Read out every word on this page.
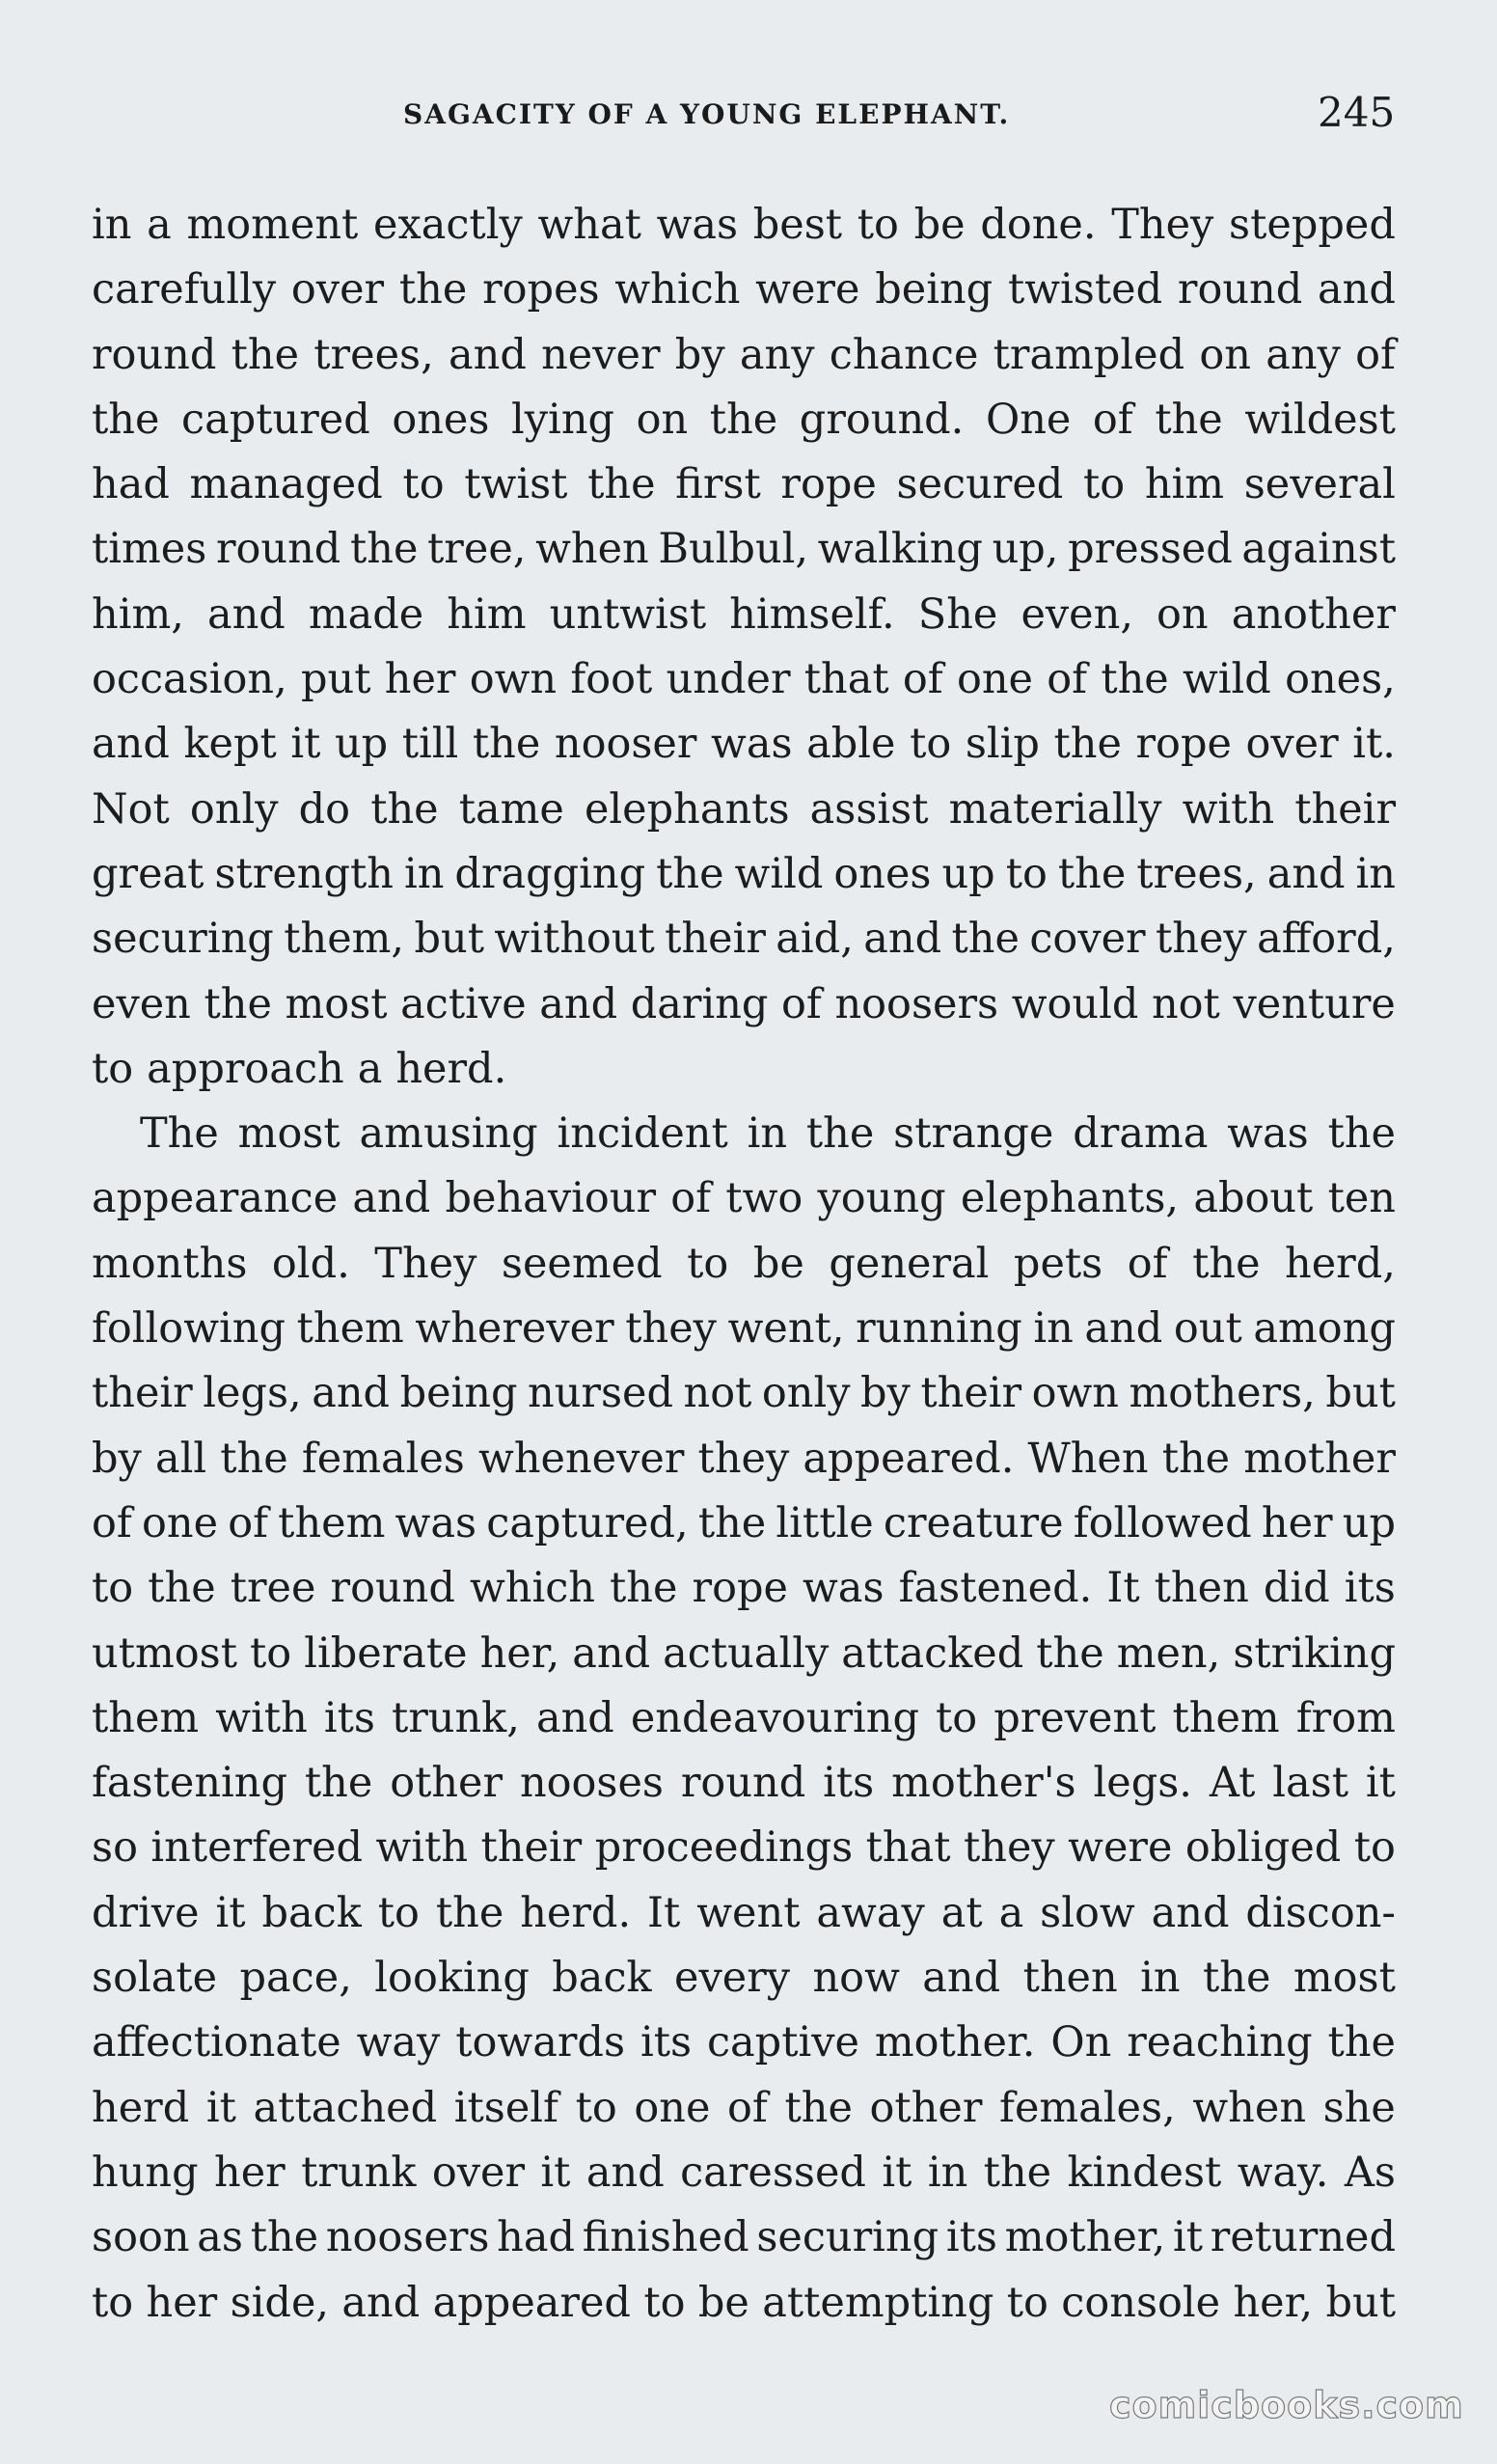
SAGACITY OF A YOUNG ELEPHANT.	245
in a moment exactly what was best to be done. They stepped
carefully over the ropes which were being twisted round and
round the trees, and never by any chance trampled on any of
the captured ones lying on the ground. One of the wildest
had managed to twist the first rope secured to him several
times round the tree, when Bulbul, walking up, pressed against
him, and made him untwist himself. She even, on another
occasion, put her own foot under that of one of the wild ones,
and kept it up till the nooser was able to slip the rope over it.
Not only do the tame elephants assist materially with their
great strength in dragging the wild ones up to the trees, and in
securing them, but without their aid, and the cover they afford,
even the most active and daring of noosers would not venture
to approach a herd.
The most amusing incident in the strange drama was the
appearance and behaviour of two young elephants, about ten
months old. They seemed to be general pets of the herd,
following them wherever they went, running in and out among
their legs, and being nursed not only by their own mothers, but
by all the females whenever they appeared. When the mother
of one of them was captured, the little creature followed her up
to the tree round which the rope was fastened. It then did its
utmost to liberate her, and actually attacked the men, striking
them with its trunk, and endeavouring to prevent them from
fastening the other nooses round its mother's legs. At last it
so interfered with their proceedings that they were obliged to
drive it back to the herd. It went away at a slow and discon-
solate pace, looking back every now and then in the most
affectionate way towards its captive mother. On reaching the
herd it attached itself to one of the other females, when she
hung her trunk over it and caressed it in the kindest way. As
soon as the noosers had finished securing its mother, it returned
to her side, and appeared to be attempting to console her, but
comicbooks.com
